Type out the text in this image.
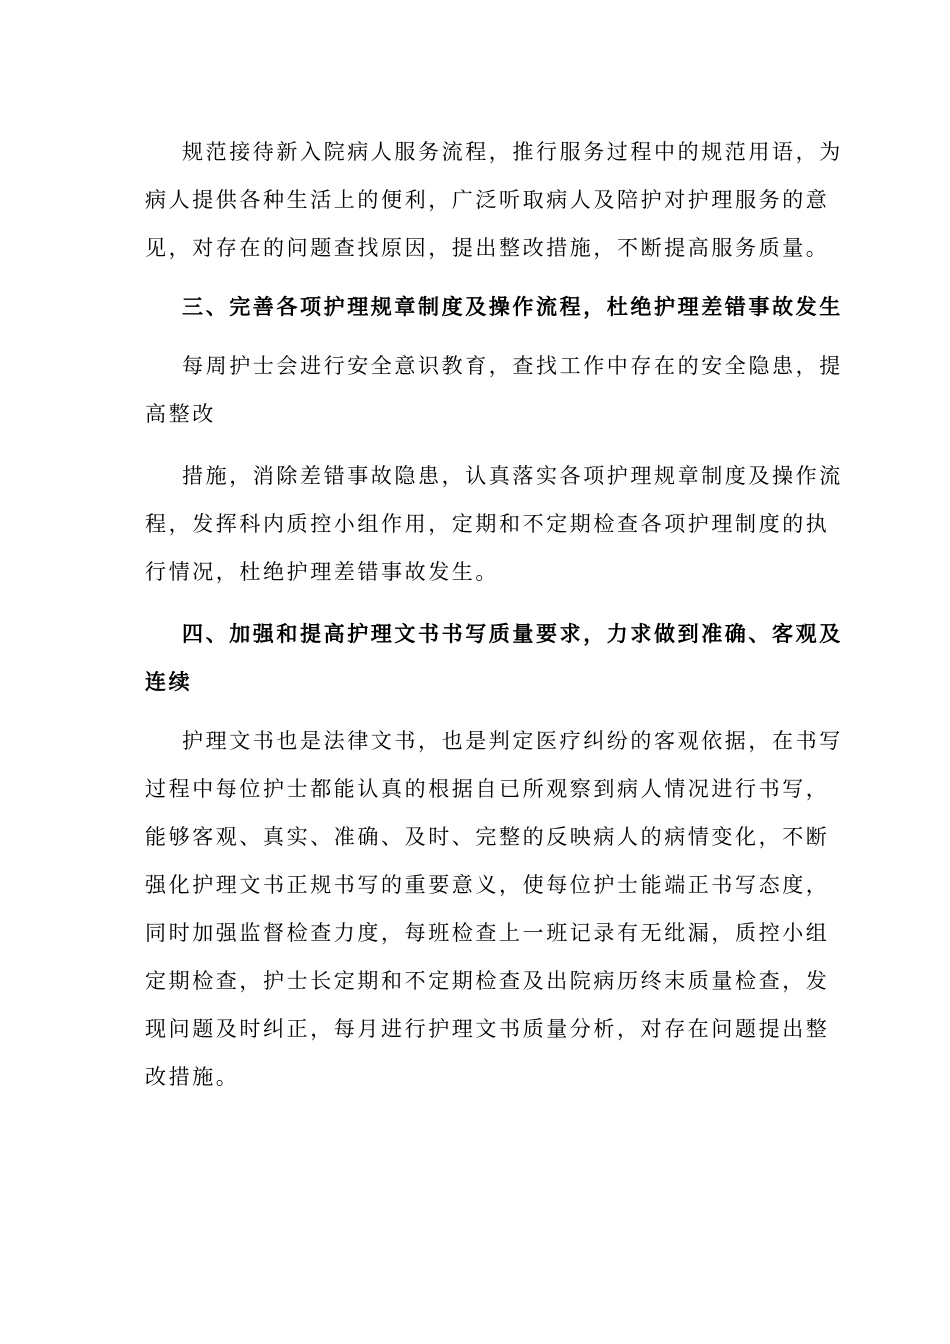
规范接待新入院病人服务流程，推行服务过程中的规范用语，为
病人提供各种生活上的便利，广泛听取病人及陪护对护理服务的意
见，对存在的问题查找原因，提出整改措施，不断提高服务质量。
三、完善各项护理规章制度及操作流程，杜绝护理差错事故发生
每周护士会进行安全意识教育，查找工作中存在的安全隐患，提
高整改
措施，消除差错事故隐患，认真落实各项护理规章制度及操作流
程，发挥科内质控小组作用，定期和不定期检查各项护理制度的执
行情况，杜绝护理差错事故发生。
四、加强和提高护理文书书写质量要求，力求做到准确、客观及
连续
护理文书也是法律文书，也是判定医疗纠纷的客观依据，在书写
过程中每位护士都能认真的根据自已所观察到病人情况进行书写，
能够客观、真实、准确、及时、完整的反映病人的病情变化，不断
强化护理文书正规书写的重要意义，使每位护士能端正书写态度，
同时加强监督检查力度，每班检查上一班记录有无纰漏，质控小组
定期检查，护士长定期和不定期检查及出院病历终末质量检查，发
现问题及时纠正，每月进行护理文书质量分析，对存在问题提出整
改措施。
